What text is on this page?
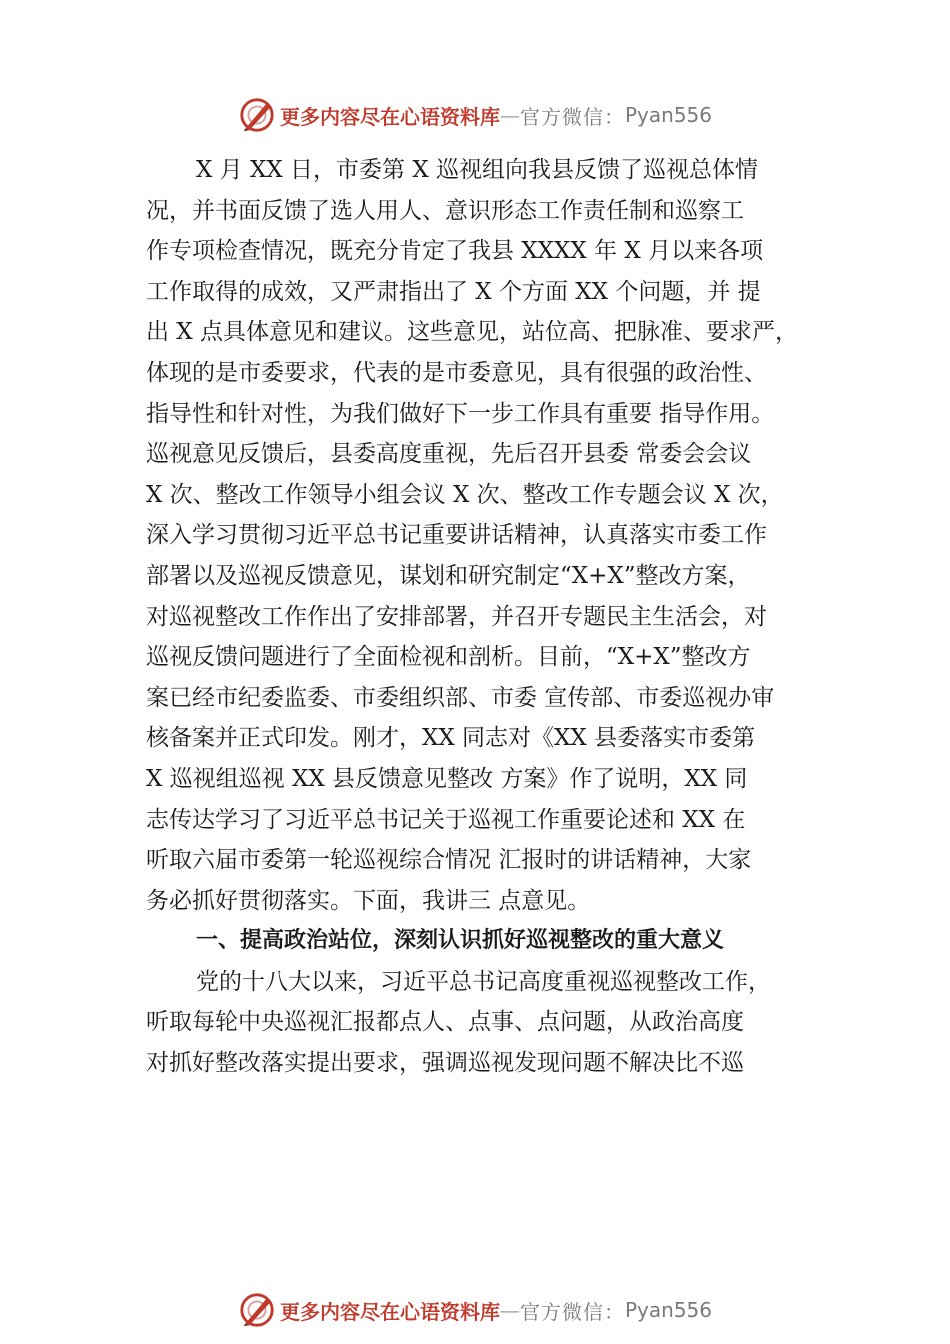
更多内容尽在心语资料库 — 官方微信： Pyan556
X 月 XX 日，市委第 X 巡视组向我县反馈了巡视总体情
况，并书面反馈了选人用人、意识形态工作责任制和巡察工
作专项检查情况，既充分肯定了我县 XXXX 年 X 月以来各项
工作取得的成效，又严肃指出了 X 个方面 XX 个问题，并 提
出 X 点具体意见和建议。这些意见，站位高、把脉准、要求严，
体现的是市委要求，代表的是市委意见，具有很强的政治性、
指导性和针对性，为我们做好下一步工作具有重要 指导作用。
巡视意见反馈后，县委高度重视，先后召开县委 常委会会议
X 次、整改工作领导小组会议 X 次、整改工作专题会议 X 次，
深入学习贯彻习近平总书记重要讲话精神，认真落实市委工作
部署以及巡视反馈意见，谋划和研究制定“X+X”整改方案，
对巡视整改工作作出了安排部署，并召开专题民主生活会，对
巡视反馈问题进行了全面检视和剖析。目前，“X+X”整改方
案已经市纪委监委、市委组织部、市委 宣传部、市委巡视办审
核备案并正式印发。刚才，XX 同志对《XX 县委落实市委第
X 巡视组巡视 XX 县反馈意见整改 方案》作了说明，XX 同
志传达学习了习近平总书记关于巡视工作重要论述和 XX 在
听取六届市委第一轮巡视综合情况 汇报时的讲话精神，大家
务必抓好贯彻落实。下面，我讲三 点意见。
一、提高政治站位，深刻认识抓好巡视整改的重大意义
党的十八大以来，习近平总书记高度重视巡视整改工作，
听取每轮中央巡视汇报都点人、点事、点问题，从政治高度
对抓好整改落实提出要求，强调巡视发现问题不解决比不巡
更多内容尽在心语资料库 — 官方微信： Pyan556
